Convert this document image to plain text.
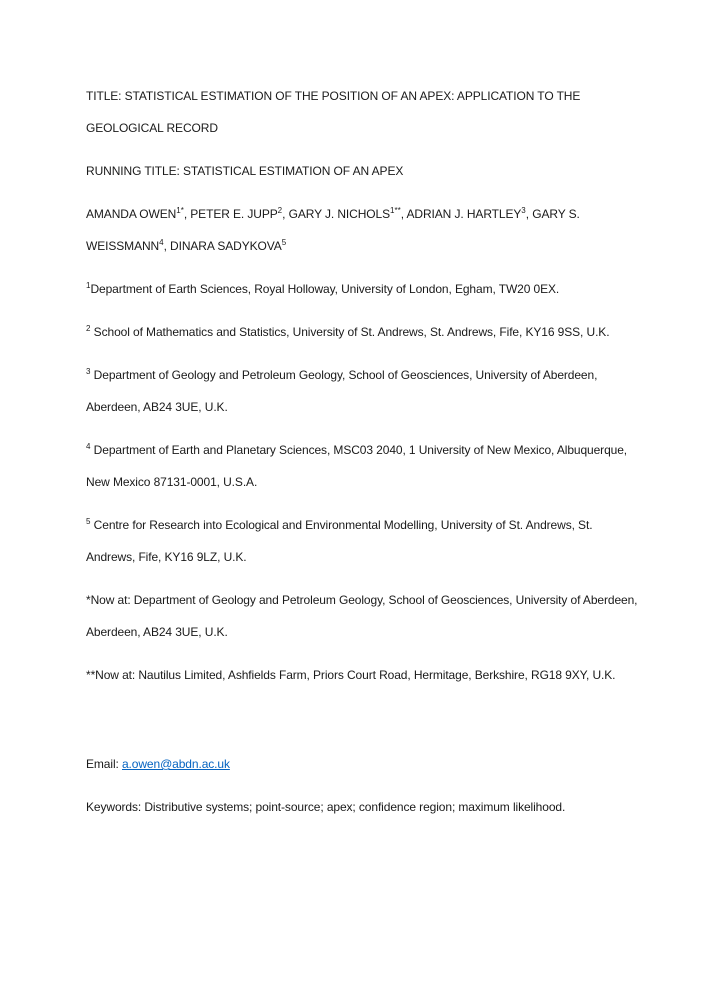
TITLE: STATISTICAL ESTIMATION OF THE POSITION OF AN APEX: APPLICATION TO THE GEOLOGICAL RECORD

RUNNING TITLE: STATISTICAL ESTIMATION OF AN APEX

AMANDA $OWEN^{1*}$, PETER E. JUPP$^2$, GARY J. $NICHOLS^{1**}$, ADRIAN J. HARTLEY$^3$, GARY S. WEISSMANN$^4$, DINARA SADYKOVA$^5$

$^1$Department of Earth Sciences, Royal Holloway, University of London, Egham, TW20 0EX.

$^2$ School of Mathematics and Statistics, University of St. Andrews, St. Andrews, Fife, KY16 9SS, U.K.

$^3$ Department of Geology and Petroleum Geology, School of Geosciences, University of Aberdeen, Aberdeen, AB24 3UE, U.K.

$^4$ Department of Earth and Planetary Sciences, MSC03 2040, 1 University of New Mexico, Albuquerque, New Mexico 87131-0001, U.S.A.

$^5$ Centre for Research into Ecological and Environmental Modelling, University of St. Andrews, St. Andrews, Fife, KY16 9LZ, U.K.

*Now at: Department of Geology and Petroleum Geology, School of Geosciences, University of Aberdeen, Aberdeen, AB24 3UE, U.K.

**Now at: Nautilus Limited, Ashfields Farm, Priors Court Road, Hermitage, Berkshire, RG18 9XY, U.K.

Email: a.owen@abdn.ac.uk

Keywords: Distributive systems; point-source; apex; confidence region; maximum likelihood.
